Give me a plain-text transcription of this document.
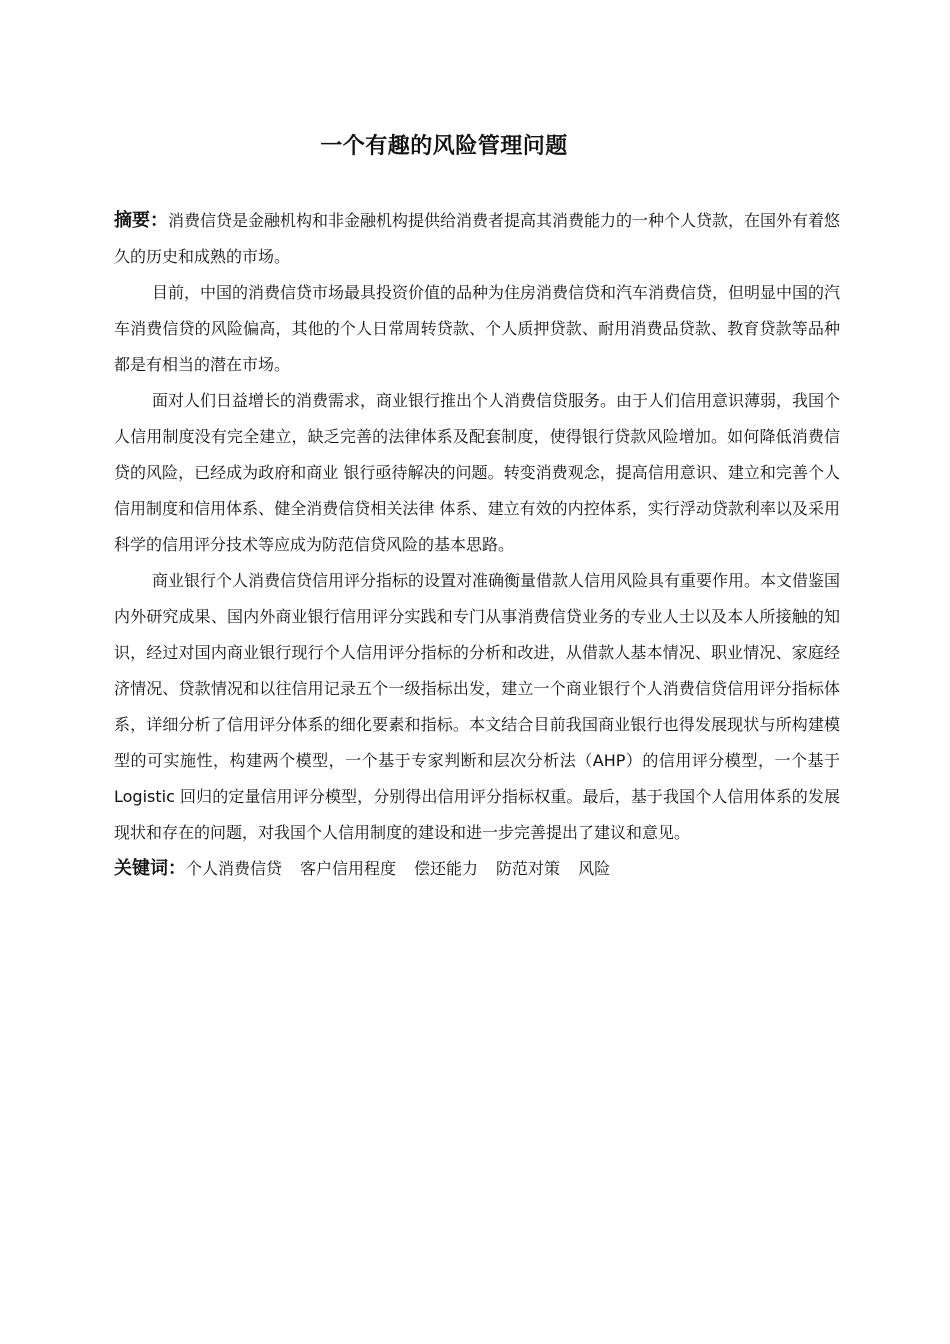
一个有趣的风险管理问题

摘要：消费信贷是金融机构和非金融机构提供给消费者提高其消费能力的一种个人贷款，在国外有着悠久的历史和成熟的市场。

目前，中国的消费信贷市场最具投资价值的品种为住房消费信贷和汽车消费信贷，但明显中国的汽车消费信贷的风险偏高，其他的个人日常周转贷款、个人质押贷款、耐用消费品贷款、教育贷款等品种都是有相当的潜在市场。

面对人们日益增长的消费需求，商业银行推出个人消费信贷服务。由于人们信用意识薄弱，我国个人信用制度没有完全建立，缺乏完善的法律体系及配套制度，使得银行贷款风险增加。如何降低消费信贷的风险，已经成为政府和商业 银行亟待解决的问题。转变消费观念，提高信用意识、建立和完善个人信用制度和信用体系、健全消费信贷相关法律 体系、建立有效的内控体系，实行浮动贷款利率以及采用 科学的信用评分技术等应成为防范信贷风险的基本思路。

商业银行个人消费信贷信用评分指标的设置对准确衡量借款人信用风险具有重要作用。本文借鉴国内外研究成果、国内外商业银行信用评分实践和专门从事消费信贷业务的专业人士以及本人所接触的知识，经过对国内商业银行现行个人信用评分指标的分析和改进，从借款人基本情况、职业情况、家庭经济情况、贷款情况和以往信用记录五个一级指标出发，建立一个商业银行个人消费信贷信用评分指标体系，详细分析了信用评分体系的细化要素和指标。本文结合目前我国商业银行也得发展现状与所构建模型的可实施性，构建两个模型，一个基于专家判断和层次分析法（AHP）的信用评分模型，一个基于 Logistic 回归的定量信用评分模型，分别得出信用评分指标权重。最后，基于我国个人信用体系的发展现状和存在的问题，对我国个人信用制度的建设和进一步完善提出了建议和意见。

关键词：个人消费信贷 客户信用程度 偿还能力 防范对策 风险
